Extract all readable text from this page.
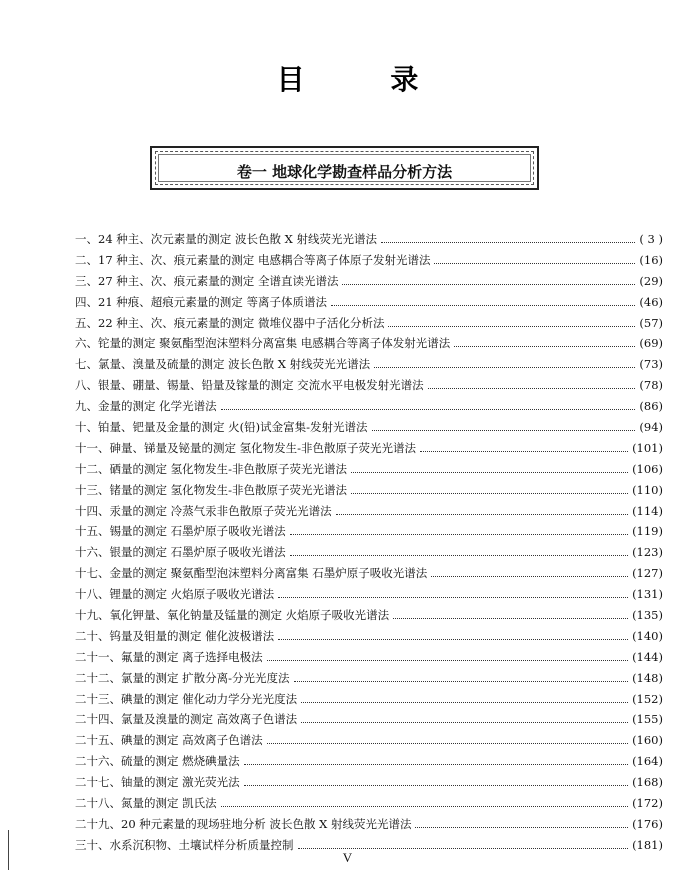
目 录
卷一 地球化学勘查样品分析方法
一、24 种主、次元素量的测定 波长色散 X 射线荧光光谱法	( 3 )
二、17 种主、次、痕元素量的测定 电感耦合等离子体原子发射光谱法	(16)
三、27 种主、次、痕元素量的测定 全谱直读光谱法	(29)
四、21 种痕、超痕元素量的测定 等离子体质谱法	(46)
五、22 种主、次、痕元素量的测定 微堆仪器中子活化分析法	(57)
六、铊量的测定 聚氨酯型泡沫塑料分离富集 电感耦合等离子体发射光谱法	(69)
七、氯量、溴量及硫量的测定 波长色散 X 射线荧光光谱法	(73)
八、银量、硼量、锡量、铅量及镓量的测定 交流水平电极发射光谱法	(78)
九、金量的测定 化学光谱法	(86)
十、铂量、钯量及金量的测定 火(铅)试金富集-发射光谱法	(94)
十一、砷量、锑量及铋量的测定 氢化物发生-非色散原子荧光光谱法	(101)
十二、硒量的测定 氢化物发生-非色散原子荧光光谱法	(106)
十三、锗量的测定 氢化物发生-非色散原子荧光光谱法	(110)
十四、汞量的测定 冷蒸气汞非色散原子荧光光谱法	(114)
十五、锡量的测定 石墨炉原子吸收光谱法	(119)
十六、银量的测定 石墨炉原子吸收光谱法	(123)
十七、金量的测定 聚氨酯型泡沫塑料分离富集 石墨炉原子吸收光谱法	(127)
十八、锂量的测定 火焰原子吸收光谱法	(131)
十九、氧化钾量、氧化钠量及锰量的测定 火焰原子吸收光谱法	(135)
二十、钨量及钼量的测定 催化波极谱法	(140)
二十一、氟量的测定 离子选择电极法	(144)
二十二、氯量的测定 扩散分离-分光光度法	(148)
二十三、碘量的测定 催化动力学分光光度法	(152)
二十四、氯量及溴量的测定 高效离子色谱法	(155)
二十五、碘量的测定 高效离子色谱法	(160)
二十六、硫量的测定 燃烧碘量法	(164)
二十七、铀量的测定 激光荧光法	(168)
二十八、氮量的测定 凯氏法	(172)
二十九、20 种元素量的现场驻地分析 波长色散 X 射线荧光光谱法	(176)
三十、水系沉积物、土壤试样分析质量控制	(181)
V
